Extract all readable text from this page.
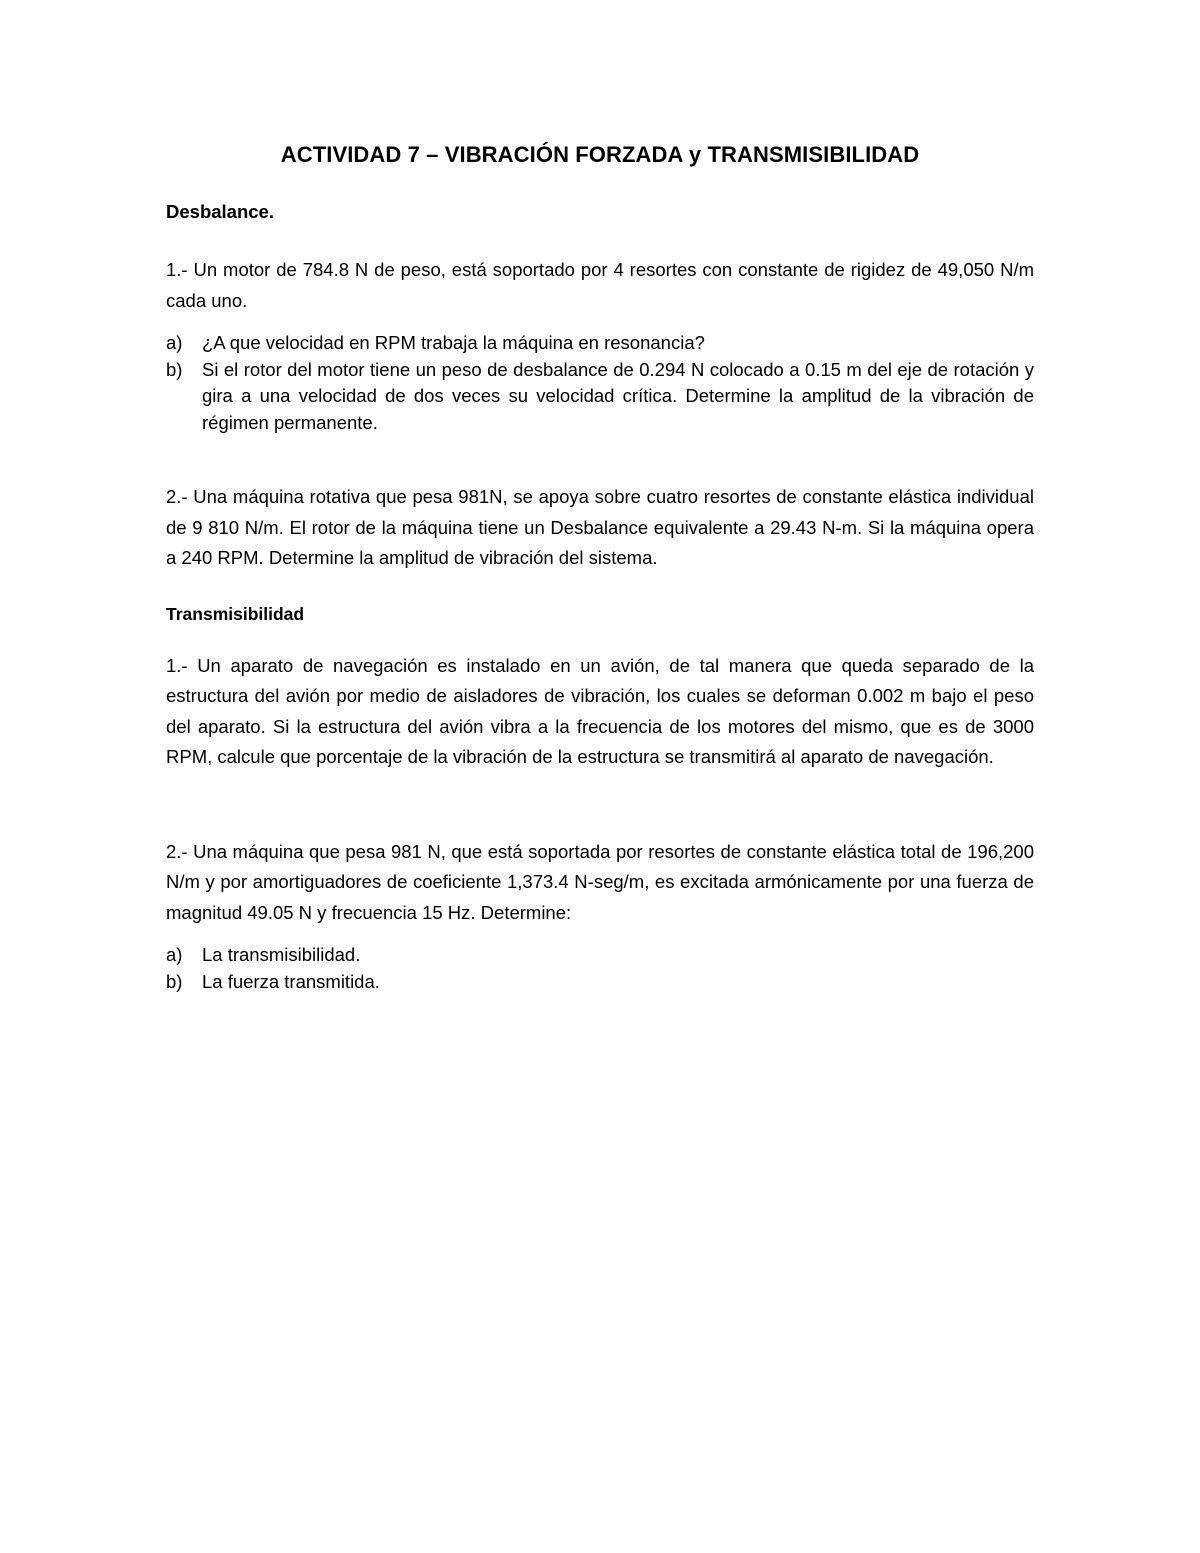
ACTIVIDAD 7 – VIBRACIÓN FORZADA y TRANSMISIBILIDAD
Desbalance.

1.- Un motor de 784.8 N de peso, está soportado por 4 resortes con constante de rigidez de 49,050 N/m cada uno.

a) ¿A que velocidad en RPM trabaja la máquina en resonancia?
b) Si el rotor del motor tiene un peso de desbalance de 0.294 N colocado a 0.15 m del eje de rotación y gira a una velocidad de dos veces su velocidad crítica. Determine la amplitud de la vibración de régimen permanente.

2.- Una máquina rotativa que pesa 981N, se apoya sobre cuatro resortes de constante elástica individual de 9 810 N/m. El rotor de la máquina tiene un Desbalance equivalente a 29.43 N-m. Si la máquina opera a 240 RPM. Determine la amplitud de vibración del sistema.

Transmisibilidad

1.- Un aparato de navegación es instalado en un avión, de tal manera que queda separado de la estructura del avión por medio de aisladores de vibración, los cuales se deforman 0.002 m bajo el peso del aparato. Si la estructura del avión vibra a la frecuencia de los motores del mismo, que es de 3000 RPM, calcule que porcentaje de la vibración de la estructura se transmitirá al aparato de navegación.

2.- Una máquina que pesa 981 N, que está soportada por resortes de constante elástica total de 196,200 N/m y por amortiguadores de coeficiente 1,373.4 N-seg/m, es excitada armónicamente por una fuerza de magnitud 49.05 N y frecuencia 15 Hz. Determine:

a) La transmisibilidad.
b) La fuerza transmitida.
